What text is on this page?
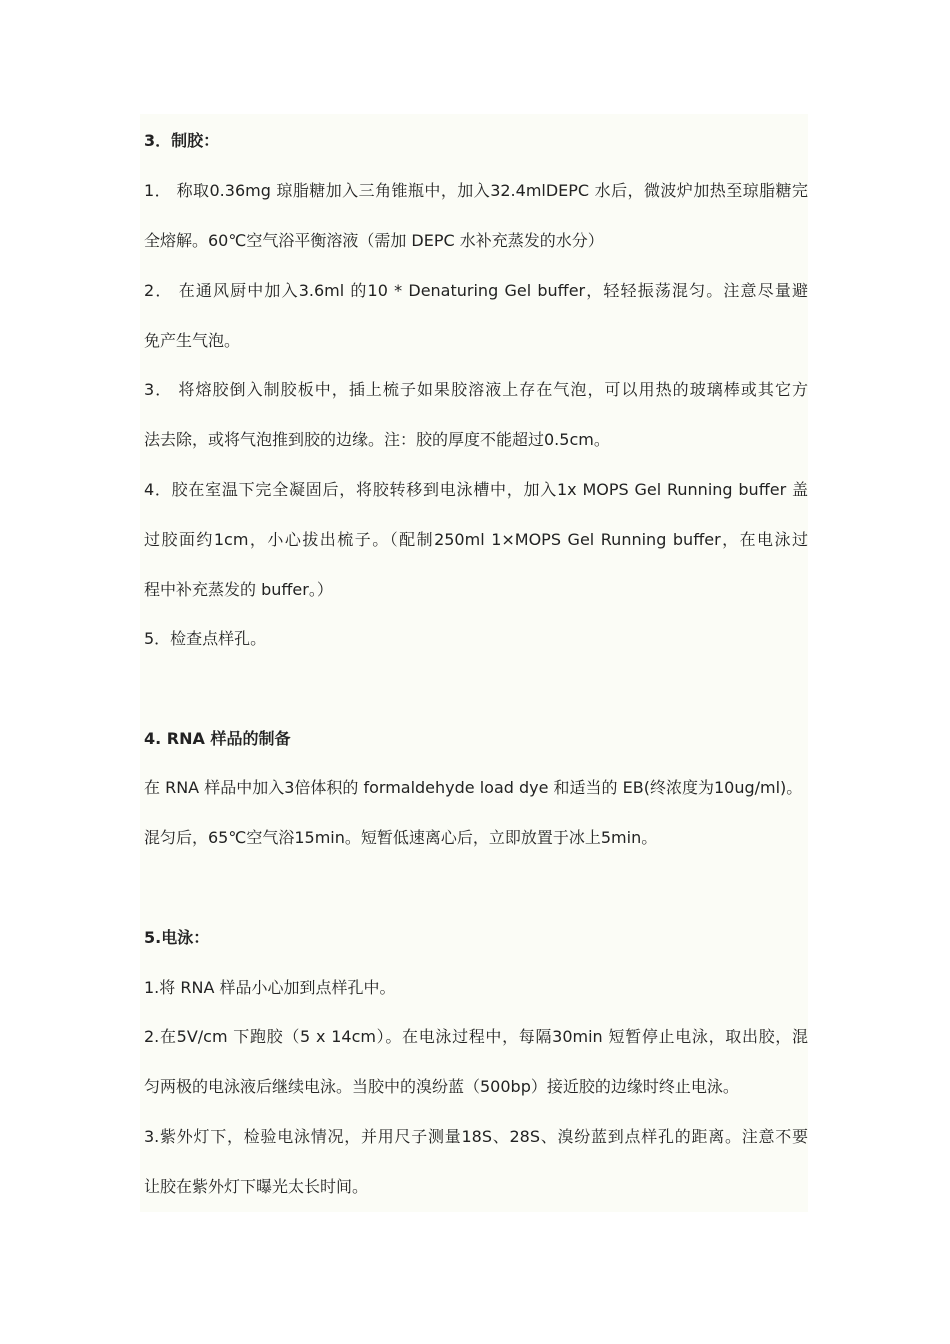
3．制胶：
1． 称取0.36mg 琼脂糖加入三角锥瓶中，加入32.4mlDEPC 水后，微波炉加热至琼脂糖完
全熔解。60℃空气浴平衡溶液（需加 DEPC 水补充蒸发的水分）
2． 在通风厨中加入3.6ml 的10 * Denaturing Gel buffer，轻轻振荡混匀。注意尽量避
免产生气泡。
3． 将熔胶倒入制胶板中，插上梳子如果胶溶液上存在气泡，可以用热的玻璃棒或其它方
法去除，或将气泡推到胶的边缘。注：胶的厚度不能超过0.5cm。
4．胶在室温下完全凝固后，将胶转移到电泳槽中，加入1x MOPS Gel Running buffer 盖
过胶面约1cm，小心拔出梳子。（配制250ml 1×MOPS Gel Running buffer，在电泳过
程中补充蒸发的 buffer。）
5．检查点样孔。
4. RNA 样品的制备
在 RNA 样品中加入3倍体积的 formaldehyde load dye 和适当的 EB(终浓度为10ug/ml)。
混匀后，65℃空气浴15min。短暂低速离心后，立即放置于冰上5min。
5.电泳：
1.将 RNA 样品小心加到点样孔中。
2.在5V/cm 下跑胶（5 x 14cm）。在电泳过程中，每隔30min 短暂停止电泳，取出胶，混
匀两极的电泳液后继续电泳。当胶中的溴纷蓝（500bp）接近胶的边缘时终止电泳。
3.紫外灯下，检验电泳情况，并用尺子测量18S、28S、溴纷蓝到点样孔的距离。注意不要
让胶在紫外灯下曝光太长时间。
